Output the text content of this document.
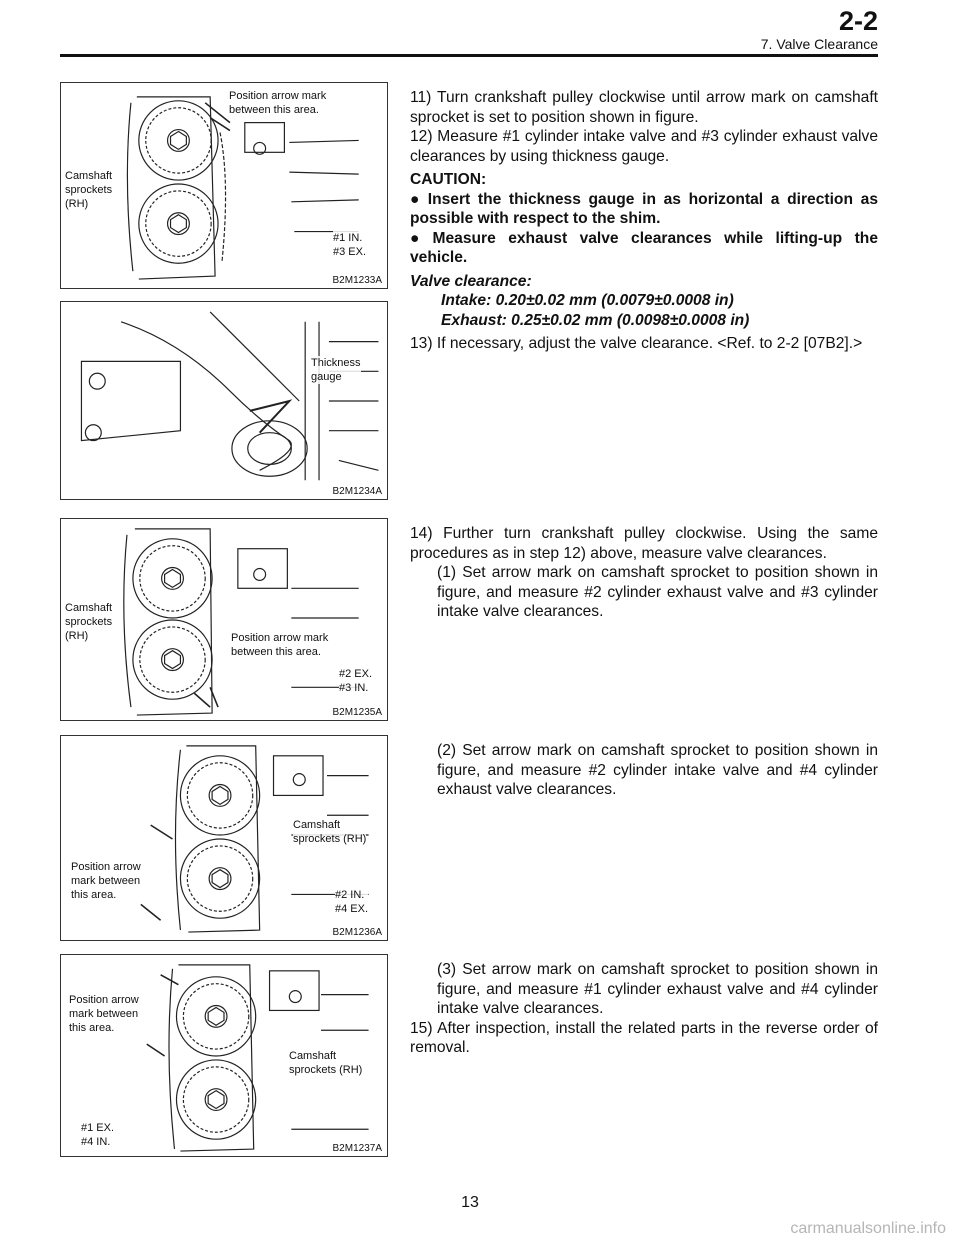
2-2
7. Valve Clearance
Position arrow mark
between this area.
Camshaft
sprockets
(RH)
#1 IN.
#3 EX.
B2M1233A
Thickness
gauge
B2M1234A
Camshaft
sprockets
(RH)	Position arrow mark
between this area.
#2 EX.
#3 IN.
B2M1235A
Camshaft
sprockets (RH)
Position arrow
mark between
this area.	#2 IN.
#4 EX.
B2M1236A
Position arrow
mark between
this area.
Camshaft
sprockets (RH)
#1 EX.
#4 IN.
B2M1237A

11) Turn crankshaft pulley clockwise until arrow mark on camshaft sprocket is set to position shown in figure.

12) Measure #1 cylinder intake valve and #3 cylinder exhaust valve clearances by using thickness gauge.

CAUTION:

● Insert the thickness gauge in as horizontal a direction as possible with respect to the shim.

● Measure exhaust valve clearances while lifting-up the vehicle.

Valve clearance:

Intake: 0.20±0.02 mm (0.0079±0.0008 in)

Exhaust: 0.25±0.02 mm (0.0098±0.0008 in)

13) If necessary, adjust the valve clearance. <Ref. to 2-2 [07B2].>

14) Further turn crankshaft pulley clockwise. Using the same procedures as in step 12) above, measure valve clearances.

(1) Set arrow mark on camshaft sprocket to position shown in figure, and measure #2 cylinder exhaust valve and #3 cylinder intake valve clearances.

(2) Set arrow mark on camshaft sprocket to position shown in figure, and measure #2 cylinder intake valve and #4 cylinder exhaust valve clearances.

(3) Set arrow mark on camshaft sprocket to position shown in figure, and measure #1 cylinder exhaust valve and #4 cylinder intake valve clearances.

15) After inspection, install the related parts in the reverse order of removal.

13
carmanualsonline.info
